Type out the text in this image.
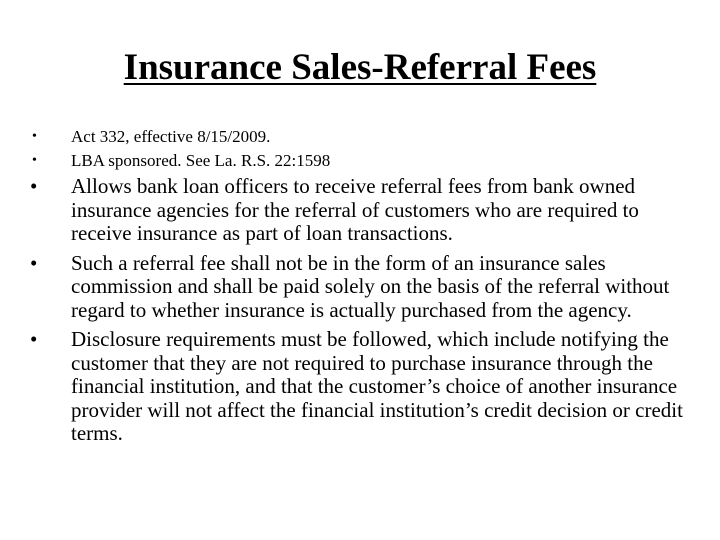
Insurance Sales-Referral Fees
• Act 332, effective 8/15/2009.
• LBA sponsored. See La. R.S. 22:1598
• Allows bank loan officers to receive referral fees from bank owned insurance agencies for the referral of customers who are required to receive insurance as part of loan transactions.
• Such a referral fee shall not be in the form of an insurance sales commission and shall be paid solely on the basis of the referral without regard to whether insurance is actually purchased from the agency.
• Disclosure requirements must be followed, which include notifying the customer that they are not required to purchase insurance through the financial institution, and that the customer’s choice of another insurance provider will not affect the financial institution’s credit decision or credit terms.
